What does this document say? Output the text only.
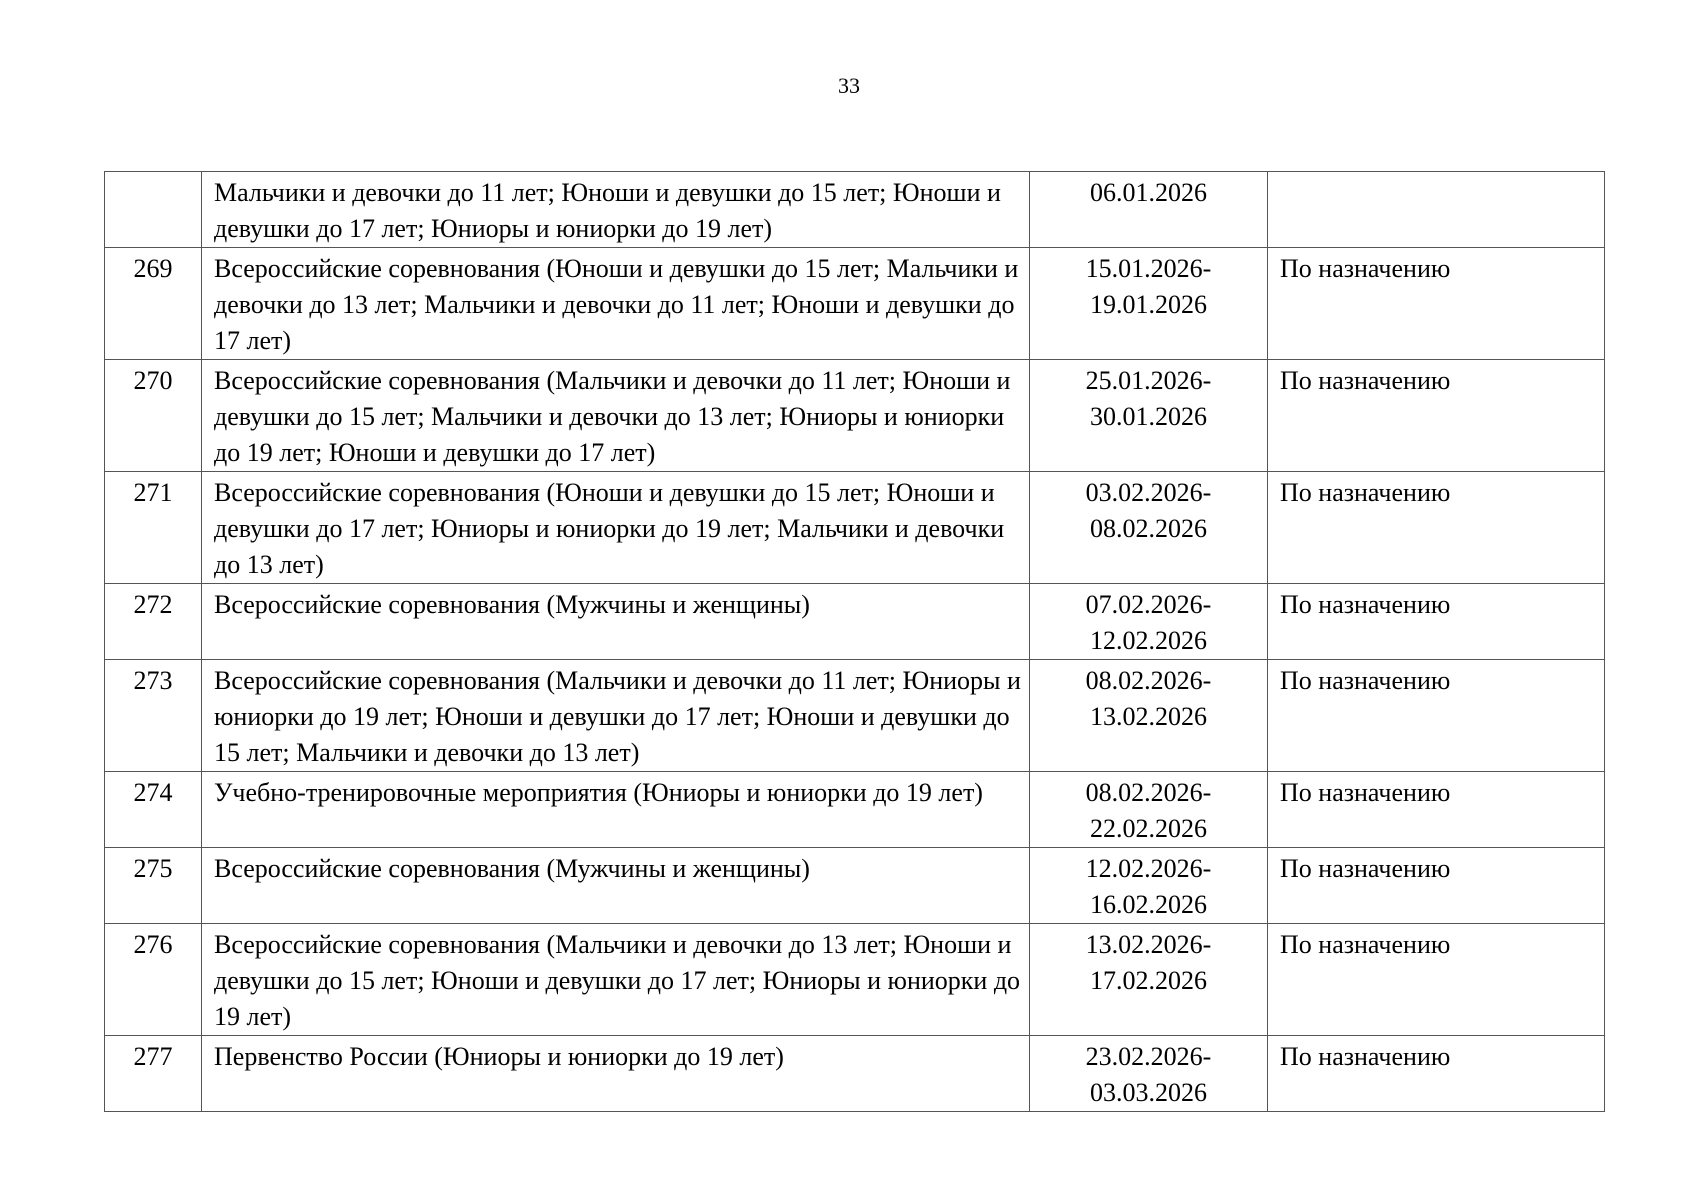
33
	Мальчики и девочки до 11 лет; Юноши и девушки до 15 лет; Юноши и девушки до 17 лет; Юниоры и юниорки до 19 лет)	06.01.2026	

269	Всероссийские соревнования (Юноши и девушки до 15 лет; Мальчики и девочки до 13 лет; Мальчики и девочки до 11 лет; Юноши и девушки до 17 лет)	15.01.2026-
19.01.2026	По назначению
270	Всероссийские соревнования (Мальчики и девочки до 11 лет; Юноши и девушки до 15 лет; Мальчики и девочки до 13 лет; Юниоры и юниорки до 19 лет; Юноши и девушки до 17 лет)	25.01.2026-
30.01.2026	По назначению
271	Всероссийские соревнования (Юноши и девушки до 15 лет; Юноши и девушки до 17 лет; Юниоры и юниорки до 19 лет; Мальчики и девочки до 13 лет)	03.02.2026-
08.02.2026	По назначению
272	Всероссийские соревнования (Мужчины и женщины)	07.02.2026-
12.02.2026	По назначению
273	Всероссийские соревнования (Мальчики и девочки до 11 лет; Юниоры и юниорки до 19 лет; Юноши и девушки до 17 лет; Юноши и девушки до 15 лет; Мальчики и девочки до 13 лет)	08.02.2026-
13.02.2026	По назначению
274	Учебно-тренировочные мероприятия (Юниоры и юниорки до 19 лет)	08.02.2026-
22.02.2026	По назначению
275	Всероссийские соревнования (Мужчины и женщины)	12.02.2026-
16.02.2026	По назначению
276	Всероссийские соревнования (Мальчики и девочки до 13 лет; Юноши и девушки до 15 лет; Юноши и девушки до 17 лет; Юниоры и юниорки до 19 лет)	13.02.2026-
17.02.2026	По назначению
277	Первенство России (Юниоры и юниорки до 19 лет)	23.02.2026-
03.03.2026	По назначению
